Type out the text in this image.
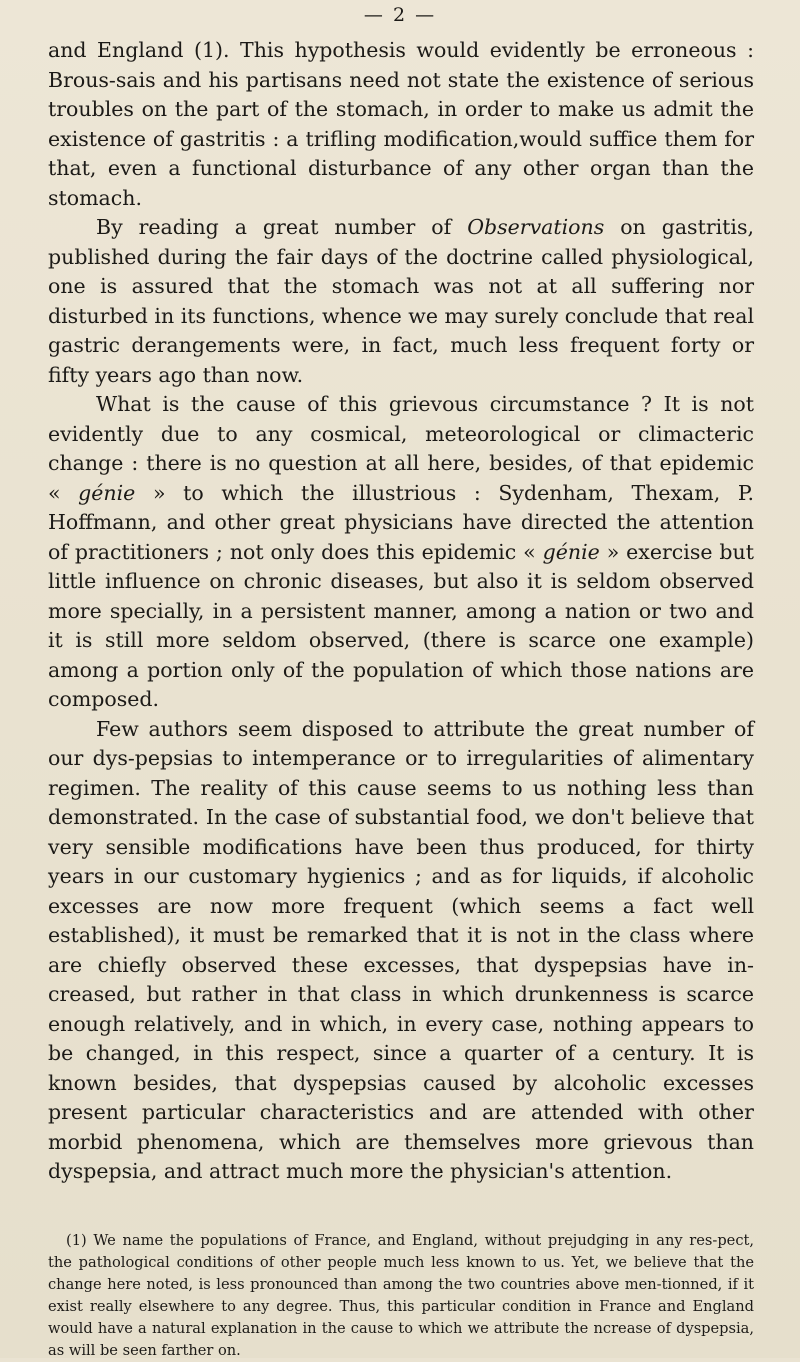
— 2 —

and England (1). This hypothesis would evidently be erroneous : Brous-sais and his partisans need not state the existence of serious troubles on the part of the stomach, in order to make us admit the existence of gastritis : a trifling modification,would suffice them for that, even a functional disturbance of any other organ than the stomach.

By reading a great number of Observations on gastritis, published during the fair days of the doctrine called physiological, one is assured that the stomach was not at all suffering nor disturbed in its functions, whence we may surely conclude that real gastric derangements were, in fact, much less frequent forty or fifty years ago than now.

What is the cause of this grievous circumstance ? It is not evidently due to any cosmical, meteorological or climacteric change : there is no question at all here, besides, of that epidemic « génie » to which the illustrious : Sydenham, Thexam, P. Hoffmann, and other great physicians have directed the attention of practitioners ; not only does this epidemic « génie » exercise but little influence on chronic diseases, but also it is seldom observed more specially, in a persistent manner, among a nation or two and it is still more seldom observed, (there is scarce one example) among a portion only of the population of which those nations are composed.

Few authors seem disposed to attribute the great number of our dys-pepsias to intemperance or to irregularities of alimentary regimen. The reality of this cause seems to us nothing less than demonstrated. In the case of substantial food, we don't believe that very sensible modifications have been thus produced, for thirty years in our customary hygienics ; and as for liquids, if alcoholic excesses are now more frequent (which seems a fact well established), it must be remarked that it is not in the class where are chiefly observed these excesses, that dyspepsias have in-creased, but rather in that class in which drunkenness is scarce enough relatively, and in which, in every case, nothing appears to be changed, in this respect, since a quarter of a century. It is known besides, that dyspepsias caused by alcoholic excesses present particular characteristics and are attended with other morbid phenomena, which are themselves more grievous than dyspepsia, and attract much more the physician's attention.

(1) We name the populations of France, and England, without prejudging in any res-pect, the pathological conditions of other people much less known to us. Yet, we believe that the change here noted, is less pronounced than among the two countries above men-tionned, if it exist really elsewhere to any degree. Thus, this particular condition in France and England would have a natural explanation in the cause to which we attribute the ncrease of dyspepsia, as will be seen farther on.
